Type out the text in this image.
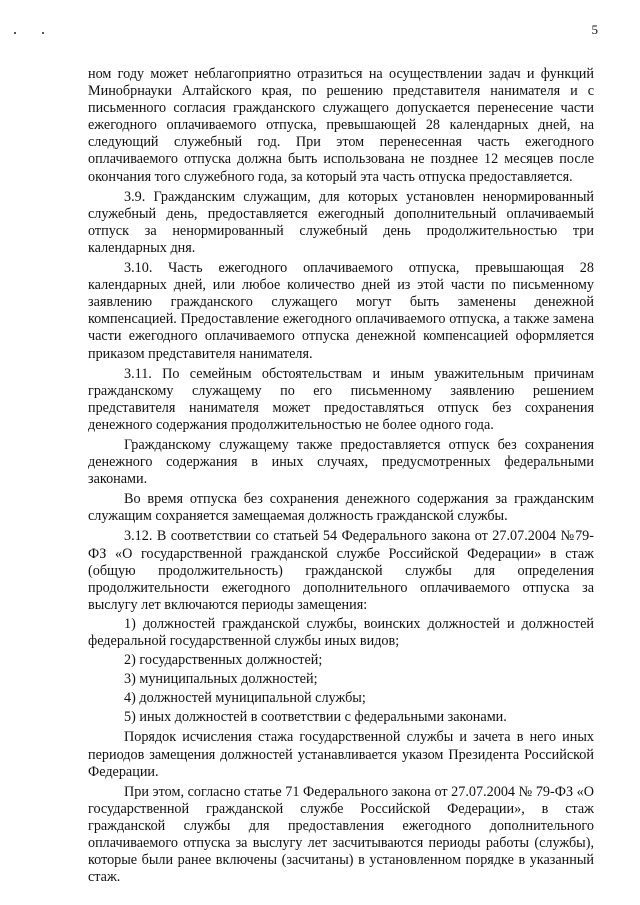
5

ном году может неблагоприятно отразиться на осуществлении задач и функций Минобрнауки Алтайского края, по решению представителя нанимателя и с письменного согласия гражданского служащего допускается перенесение части ежегодного оплачиваемого отпуска, превышающей 28 календарных дней, на следующий служебный год. При этом перенесенная часть ежегодного оплачиваемого отпуска должна быть использована не позднее 12 месяцев после окончания того служебного года, за который эта часть отпуска предоставляется.

3.9. Гражданским служащим, для которых установлен ненормированный служебный день, предоставляется ежегодный дополнительный оплачиваемый отпуск за ненормированный служебный день продолжительностью три календарных дня.

3.10. Часть ежегодного оплачиваемого отпуска, превышающая 28 календарных дней, или любое количество дней из этой части по письменному заявлению гражданского служащего могут быть заменены денежной компенсацией. Предоставление ежегодного оплачиваемого отпуска, а также замена части ежегодного оплачиваемого отпуска денежной компенсацией оформляется приказом представителя нанимателя.

3.11. По семейным обстоятельствам и иным уважительным причинам гражданскому служащему по его письменному заявлению решением представителя нанимателя может предоставляться отпуск без сохранения денежного содержания продолжительностью не более одного года.

Гражданскому служащему также предоставляется отпуск без сохранения денежного содержания в иных случаях, предусмотренных федеральными законами.

Во время отпуска без сохранения денежного содержания за гражданским служащим сохраняется замещаемая должность гражданской службы.

3.12. В соответствии со статьей 54 Федерального закона от 27.07.2004 №79-ФЗ «О государственной гражданской службе Российской Федерации» в стаж (общую продолжительность) гражданской службы для определения продолжительности ежегодного дополнительного оплачиваемого отпуска за выслугу лет включаются периоды замещения:

1) должностей гражданской службы, воинских должностей и должностей федеральной государственной службы иных видов;

2) государственных должностей;

3) муниципальных должностей;

4) должностей муниципальной службы;

5) иных должностей в соответствии с федеральными законами.

Порядок исчисления стажа государственной службы и зачета в него иных периодов замещения должностей устанавливается указом Президента Российской Федерации.

При этом, согласно статье 71 Федерального закона от 27.07.2004 № 79-ФЗ «О государственной гражданской службе Российской Федерации», в стаж гражданской службы для предоставления ежегодного дополнительного оплачиваемого отпуска за выслугу лет засчитываются периоды работы (службы), которые были ранее включены (засчитаны) в установленном порядке в указанный стаж.
